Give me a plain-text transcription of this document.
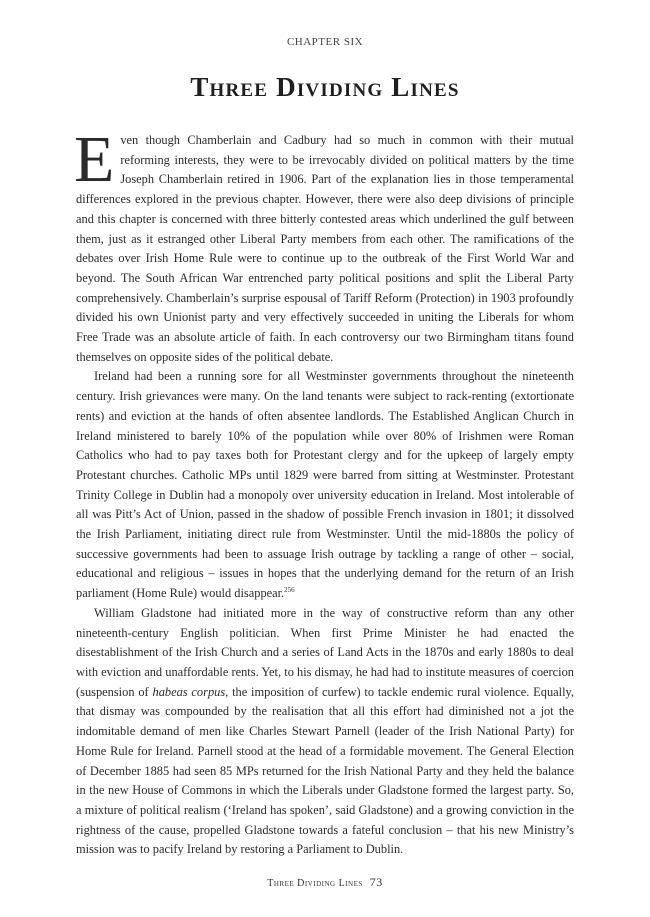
CHAPTER SIX
Three Dividing Lines

Even though Chamberlain and Cadbury had so much in common with their mutual reforming interests, they were to be irrevocably divided on political matters by the time Joseph Chamberlain retired in 1906. Part of the explanation lies in those temperamental differences explored in the previous chapter. However, there were also deep divisions of principle and this chapter is concerned with three bitterly contested areas which underlined the gulf between them, just as it estranged other Liberal Party members from each other. The ramifications of the debates over Irish Home Rule were to continue up to the outbreak of the First World War and beyond. The South African War entrenched party political positions and split the Liberal Party comprehensively. Chamberlain’s surprise espousal of Tariff Reform (Protection) in 1903 profoundly divided his own Unionist party and very effectively succeeded in uniting the Liberals for whom Free Trade was an absolute article of faith. In each controversy our two Birmingham titans found themselves on opposite sides of the political debate.

Ireland had been a running sore for all Westminster governments throughout the nineteenth century. Irish grievances were many. On the land tenants were subject to rack-renting (extortionate rents) and eviction at the hands of often absentee landlords. The Established Anglican Church in Ireland ministered to barely 10% of the population while over 80% of Irishmen were Roman Catholics who had to pay taxes both for Protestant clergy and for the upkeep of largely empty Protestant churches. Catholic MPs until 1829 were barred from sitting at Westminster. Protestant Trinity College in Dublin had a monopoly over university education in Ireland. Most intolerable of all was Pitt’s Act of Union, passed in the shadow of possible French invasion in 1801; it dissolved the Irish Parliament, initiating direct rule from Westminster. Until the mid-1880s the policy of successive governments had been to assuage Irish outrage by tackling a range of other – social, educational and religious – issues in hopes that the underlying demand for the return of an Irish parliament (Home Rule) would disappear.$^{256}$

William Gladstone had initiated more in the way of constructive reform than any other nineteenth-century English politician. When first Prime Minister he had enacted the disestablishment of the Irish Church and a series of Land Acts in the 1870s and early 1880s to deal with eviction and unaffordable rents. Yet, to his dismay, he had had to institute measures of coercion (suspension of habeas corpus, the imposition of curfew) to tackle endemic rural violence. Equally, that dismay was compounded by the realisation that all this effort had diminished not a jot the indomitable demand of men like Charles Stewart Parnell (leader of the Irish National Party) for Home Rule for Ireland. Parnell stood at the head of a formidable movement. The General Election of December 1885 had seen 85 MPs returned for the Irish National Party and they held the balance in the new House of Commons in which the Liberals under Gladstone formed the largest party. So, a mixture of political realism (‘Ireland has spoken’, said Gladstone) and a growing conviction in the rightness of the cause, propelled Gladstone towards a fateful conclusion – that his new Ministry’s mission was to pacify Ireland by restoring a Parliament to Dublin.

Three Dividing Lines 73
